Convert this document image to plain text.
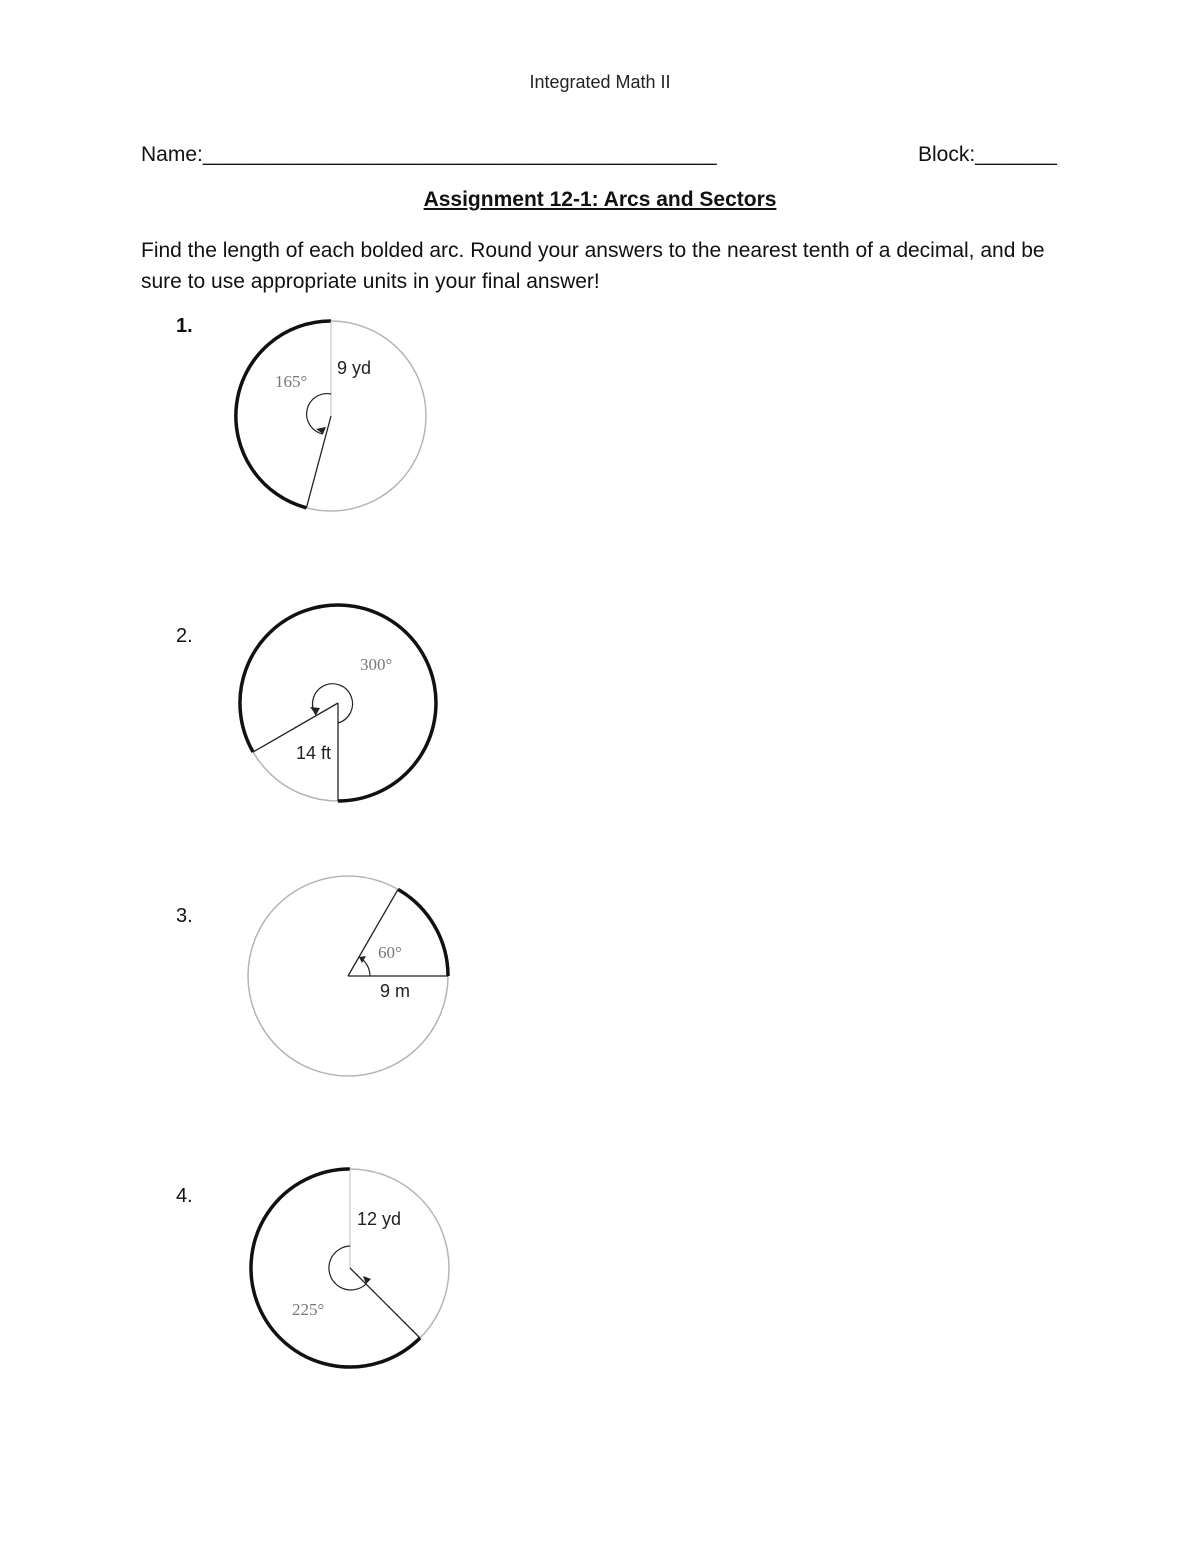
Integrated Math II
Name:____________________________________________	Block:_______
Assignment 12-1: Arcs and Sectors
Find the length of each bolded arc. Round your answers to the nearest tenth of a decimal, and be sure to use appropriate units in your final answer!
1.
165°
9 yd
2.
300°
14 ft
3.
60°
9 m
4.
225°
12 yd
